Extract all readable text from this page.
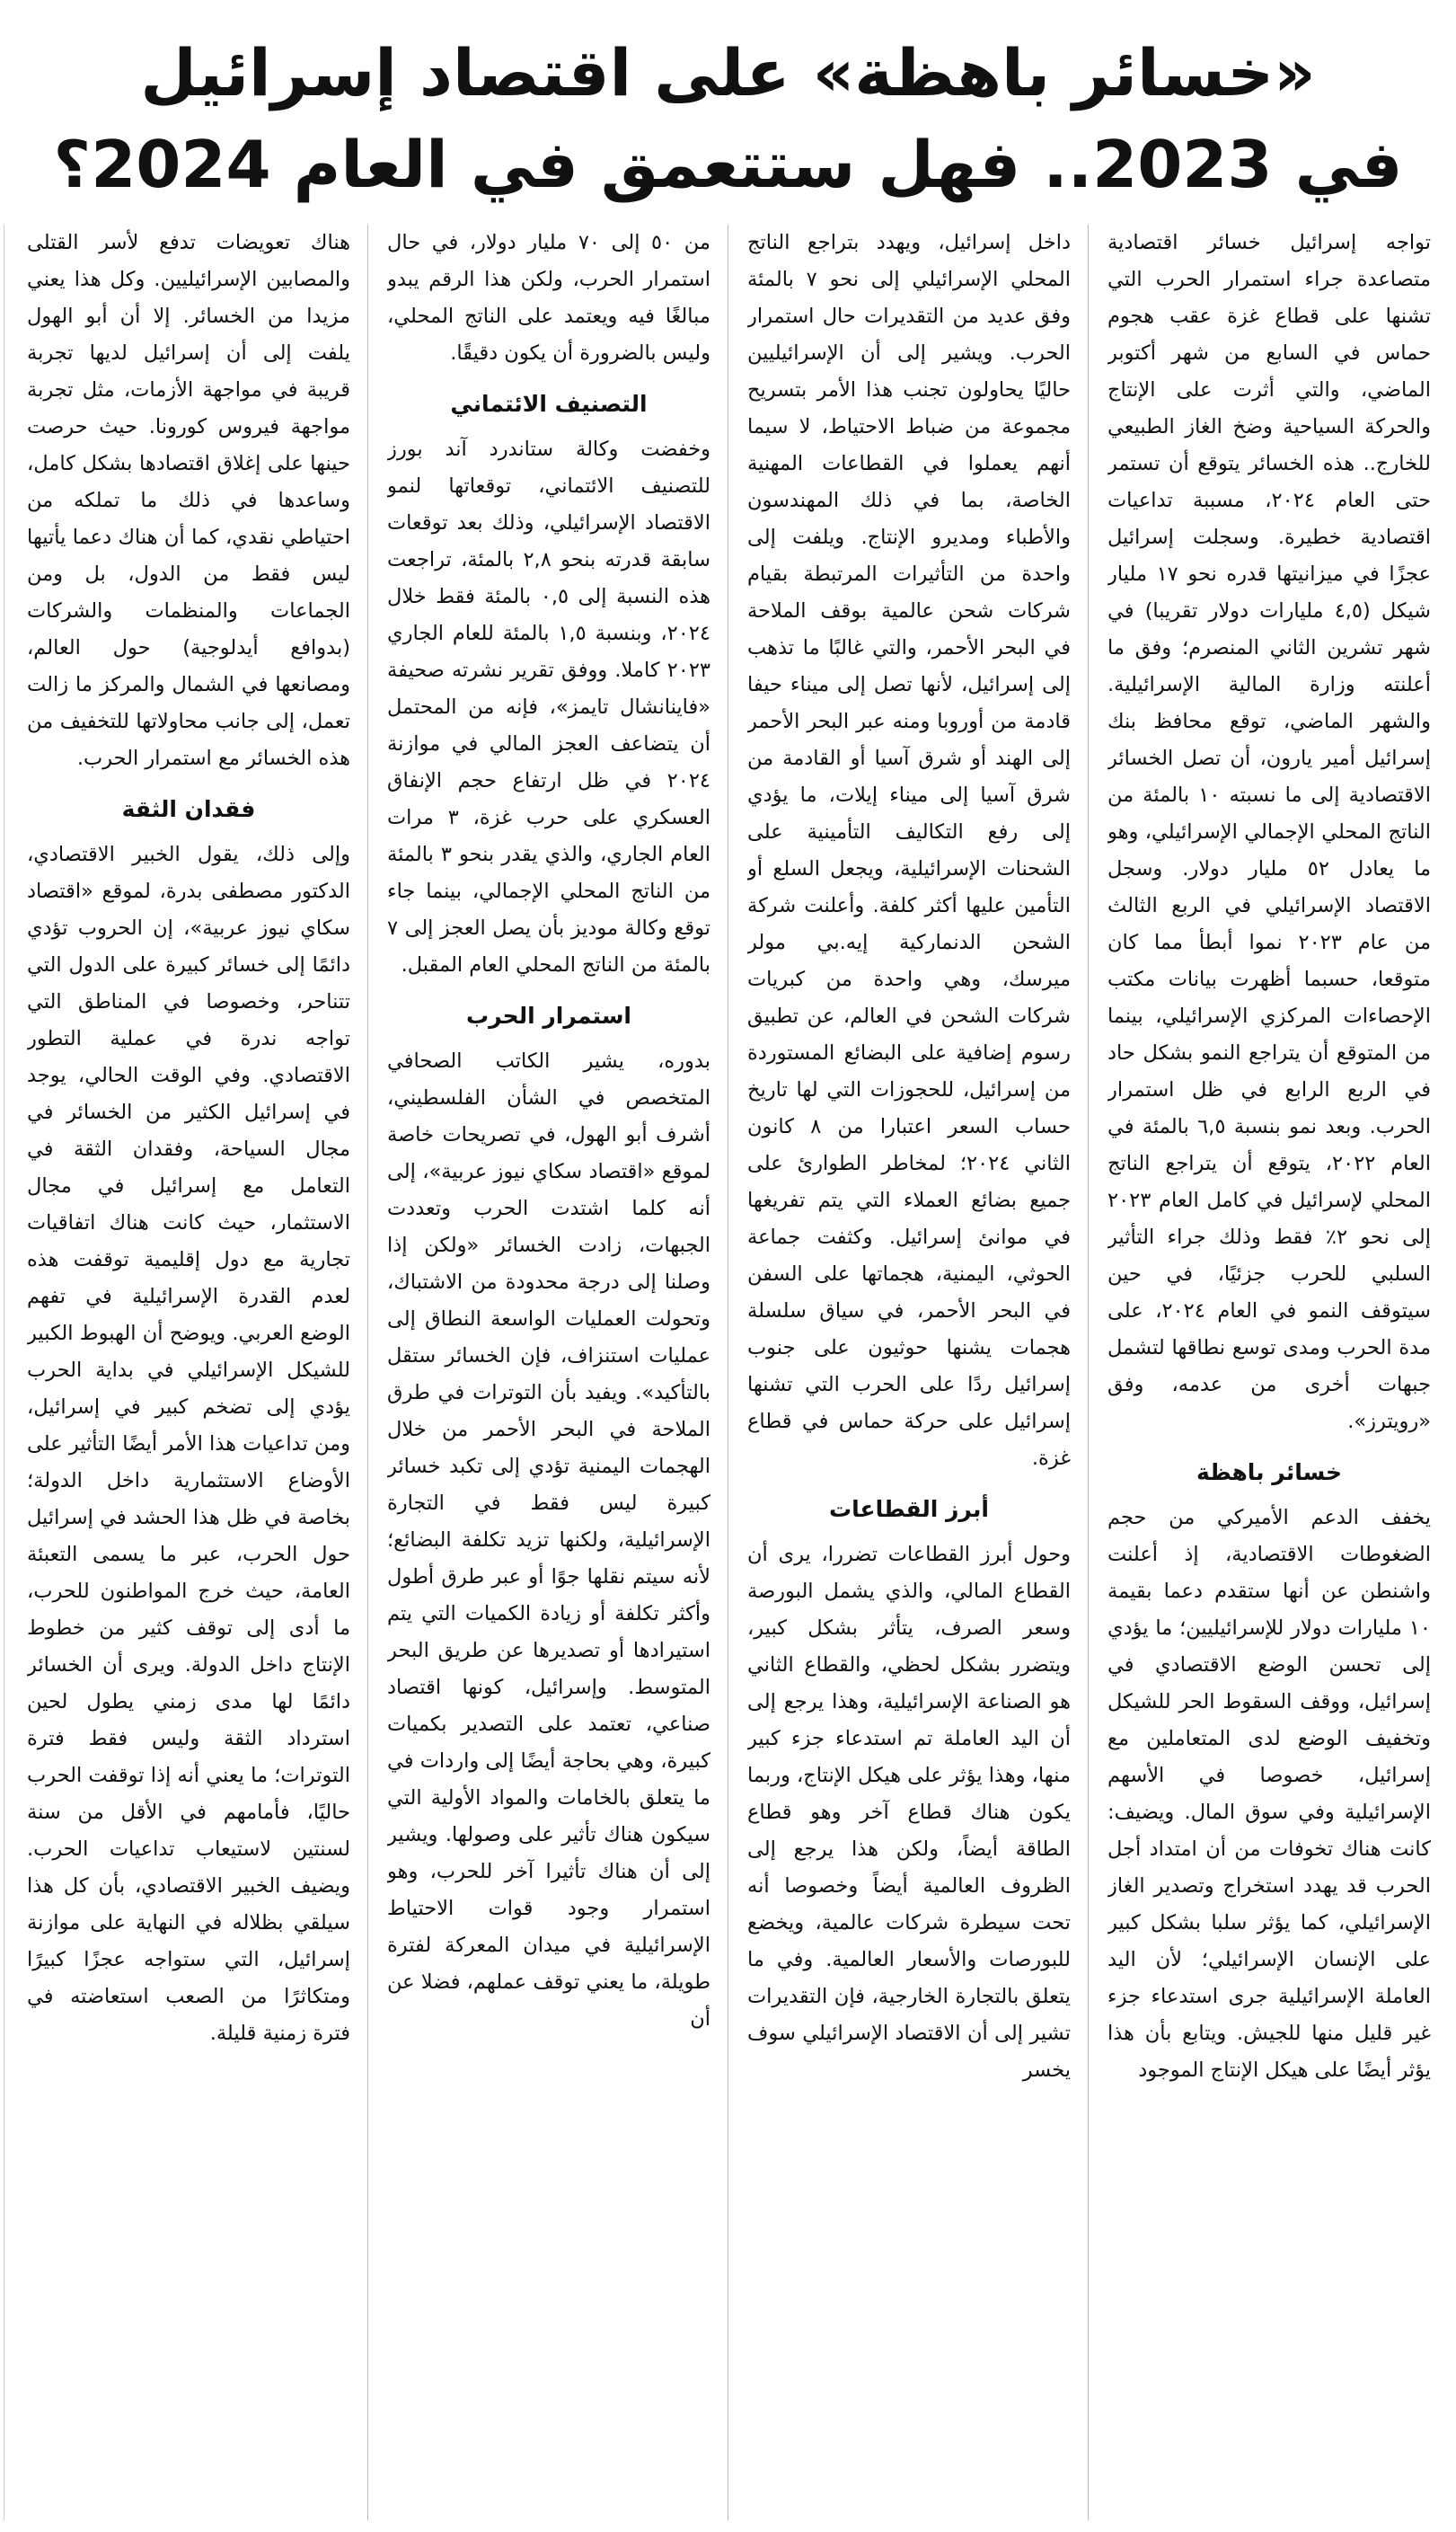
«خسائر باهظة» على اقتصاد إسرائيل
في 2023.. فهل ستتعمق في العام 2024؟

تواجه إسرائيل خسائر اقتصادية متصاعدة جراء استمرار الحرب التي تشنها على قطاع غزة عقب هجوم حماس في السابع من شهر أكتوبر الماضي، والتي أثرت على الإنتاج والحركة السياحية وضخ الغاز الطبيعي للخارج.. هذه الخسائر يتوقع أن تستمر حتى العام ٢٠٢٤، مسببة تداعيات اقتصادية خطيرة. وسجلت إسرائيل عجزًا في ميزانيتها قدره نحو ١٧ مليار شيكل (٤,٥ مليارات دولار تقريبا) في شهر تشرين الثاني المنصرم؛ وفق ما أعلنته وزارة المالية الإسرائيلية. والشهر الماضي، توقع محافظ بنك إسرائيل أمير يارون، أن تصل الخسائر الاقتصادية إلى ما نسبته ١٠ بالمئة من الناتج المحلي الإجمالي الإسرائيلي، وهو ما يعادل ٥٢ مليار دولار. وسجل الاقتصاد الإسرائيلي في الربع الثالث من عام ٢٠٢٣ نموا أبطأ مما كان متوقعا، حسبما أظهرت بيانات مكتب الإحصاءات المركزي الإسرائيلي، بينما من المتوقع أن يتراجع النمو بشكل حاد في الربع الرابع في ظل استمرار الحرب. وبعد نمو بنسبة ٦,٥ بالمئة في العام ٢٠٢٢، يتوقع أن يتراجع الناتج المحلي لإسرائيل في كامل العام ٢٠٢٣ إلى نحو ٢٪ فقط وذلك جراء التأثير السلبي للحرب جزئيًا، في حين سيتوقف النمو في العام ٢٠٢٤، على مدة الحرب ومدى توسع نطاقها لتشمل جبهات أخرى من عدمه، وفق «رويترز».

خسائر باهظة

يخفف الدعم الأميركي من حجم الضغوطات الاقتصادية، إذ أعلنت واشنطن عن أنها ستقدم دعما بقيمة ١٠ مليارات دولار للإسرائيليين؛ ما يؤدي إلى تحسن الوضع الاقتصادي في إسرائيل، ووقف السقوط الحر للشيكل وتخفيف الوضع لدى المتعاملين مع إسرائيل، خصوصا في الأسهم الإسرائيلية وفي سوق المال. ويضيف: كانت هناك تخوفات من أن امتداد أجل الحرب قد يهدد استخراج وتصدير الغاز الإسرائيلي، كما يؤثر سلبا بشكل كبير على الإنسان الإسرائيلي؛ لأن اليد العاملة الإسرائيلية جرى استدعاء جزء غير قليل منها للجيش. ويتابع بأن هذا يؤثر أيضًا على هيكل الإنتاج الموجود

داخل إسرائيل، ويهدد بتراجع الناتج المحلي الإسرائيلي إلى نحو ٧ بالمئة وفق عديد من التقديرات حال استمرار الحرب. ويشير إلى أن الإسرائيليين حاليًا يحاولون تجنب هذا الأمر بتسريح مجموعة من ضباط الاحتياط، لا سيما أنهم يعملوا في القطاعات المهنية الخاصة، بما في ذلك المهندسون والأطباء ومديرو الإنتاج. ويلفت إلى واحدة من التأثيرات المرتبطة بقيام شركات شحن عالمية بوقف الملاحة في البحر الأحمر، والتي غالبًا ما تذهب إلى إسرائيل، لأنها تصل إلى ميناء حيفا قادمة من أوروبا ومنه عبر البحر الأحمر إلى الهند أو شرق آسيا أو القادمة من شرق آسيا إلى ميناء إيلات، ما يؤدي إلى رفع التكاليف التأمينية على الشحنات الإسرائيلية، ويجعل السلع أو التأمين عليها أكثر كلفة. وأعلنت شركة الشحن الدنماركية إيه.بي مولر ميرسك، وهي واحدة من كبريات شركات الشحن في العالم، عن تطبيق رسوم إضافية على البضائع المستوردة من إسرائيل، للحجوزات التي لها تاريخ حساب السعر اعتبارا من ٨ كانون الثاني ٢٠٢٤؛ لمخاطر الطوارئ على جميع بضائع العملاء التي يتم تفريغها في موانئ إسرائيل. وكثفت جماعة الحوثي، اليمنية، هجماتها على السفن في البحر الأحمر، في سياق سلسلة هجمات يشنها حوثيون على جنوب إسرائيل ردًا على الحرب التي تشنها إسرائيل على حركة حماس في قطاع غزة.

أبرز القطاعات

وحول أبرز القطاعات تضررا، يرى أن القطاع المالي، والذي يشمل البورصة وسعر الصرف، يتأثر بشكل كبير، ويتضرر بشكل لحظي، والقطاع الثاني هو الصناعة الإسرائيلية، وهذا يرجع إلى أن اليد العاملة تم استدعاء جزء كبير منها، وهذا يؤثر على هيكل الإنتاج، وربما يكون هناك قطاع آخر وهو قطاع الطاقة أيضاً، ولكن هذا يرجع إلى الظروف العالمية أيضاً وخصوصا أنه تحت سيطرة شركات عالمية، ويخضع للبورصات والأسعار العالمية. وفي ما يتعلق بالتجارة الخارجية، فإن التقديرات تشير إلى أن الاقتصاد الإسرائيلي سوف يخسر

من ٥٠ إلى ٧٠ مليار دولار، في حال استمرار الحرب، ولكن هذا الرقم يبدو مبالغًا فيه ويعتمد على الناتج المحلي، وليس بالضرورة أن يكون دقيقًا.

التصنيف الائتماني

وخفضت وكالة ستاندرد آند بورز للتصنيف الائتماني، توقعاتها لنمو الاقتصاد الإسرائيلي، وذلك بعد توقعات سابقة قدرته بنحو ٢,٨ بالمئة، تراجعت هذه النسبة إلى ٠,٥ بالمئة فقط خلال ٢٠٢٤، وبنسبة ١,٥ بالمئة للعام الجاري ٢٠٢٣ كاملا. ووفق تقرير نشرته صحيفة «فاينانشال تايمز»، فإنه من المحتمل أن يتضاعف العجز المالي في موازنة ٢٠٢٤ في ظل ارتفاع حجم الإنفاق العسكري على حرب غزة، ٣ مرات العام الجاري، والذي يقدر بنحو ٣ بالمئة من الناتج المحلي الإجمالي، بينما جاء توقع وكالة موديز بأن يصل العجز إلى ٧ بالمئة من الناتج المحلي العام المقبل.

استمرار الحرب

بدوره، يشير الكاتب الصحافي المتخصص في الشأن الفلسطيني، أشرف أبو الهول، في تصريحات خاصة لموقع «اقتصاد سكاي نيوز عربية»، إلى أنه كلما اشتدت الحرب وتعددت الجبهات، زادت الخسائر «ولكن إذا وصلنا إلى درجة محدودة من الاشتباك، وتحولت العمليات الواسعة النطاق إلى عمليات استنزاف، فإن الخسائر ستقل بالتأكيد». ويفيد بأن التوترات في طرق الملاحة في البحر الأحمر من خلال الهجمات اليمنية تؤدي إلى تكبد خسائر كبيرة ليس فقط في التجارة الإسرائيلية، ولكنها تزيد تكلفة البضائع؛ لأنه سيتم نقلها جوًا أو عبر طرق أطول وأكثر تكلفة أو زيادة الكميات التي يتم استيرادها أو تصديرها عن طريق البحر المتوسط. وإسرائيل، كونها اقتصاد صناعي، تعتمد على التصدير بكميات كبيرة، وهي بحاجة أيضًا إلى واردات في ما يتعلق بالخامات والمواد الأولية التي سيكون هناك تأثير على وصولها. ويشير إلى أن هناك تأثيرا آخر للحرب، وهو استمرار وجود قوات الاحتياط الإسرائيلية في ميدان المعركة لفترة طويلة، ما يعني توقف عملهم، فضلا عن أن

هناك تعويضات تدفع لأسر القتلى والمصابين الإسرائيليين. وكل هذا يعني مزيدا من الخسائر. إلا أن أبو الهول يلفت إلى أن إسرائيل لديها تجربة قريبة في مواجهة الأزمات، مثل تجربة مواجهة فيروس كورونا. حيث حرصت حينها على إغلاق اقتصادها بشكل كامل، وساعدها في ذلك ما تملكه من احتياطي نقدي، كما أن هناك دعما يأتيها ليس فقط من الدول، بل ومن الجماعات والمنظمات والشركات (بدوافع أيدلوجية) حول العالم، ومصانعها في الشمال والمركز ما زالت تعمل، إلى جانب محاولاتها للتخفيف من هذه الخسائر مع استمرار الحرب.

فقدان الثقة

وإلى ذلك، يقول الخبير الاقتصادي، الدكتور مصطفى بدرة، لموقع «اقتصاد سكاي نيوز عربية»، إن الحروب تؤدي دائمًا إلى خسائر كبيرة على الدول التي تتناحر، وخصوصا في المناطق التي تواجه ندرة في عملية التطور الاقتصادي. وفي الوقت الحالي، يوجد في إسرائيل الكثير من الخسائر في مجال السياحة، وفقدان الثقة في التعامل مع إسرائيل في مجال الاستثمار، حيث كانت هناك اتفاقيات تجارية مع دول إقليمية توقفت هذه لعدم القدرة الإسرائيلية في تفهم الوضع العربي. ويوضح أن الهبوط الكبير للشيكل الإسرائيلي في بداية الحرب يؤدي إلى تضخم كبير في إسرائيل، ومن تداعيات هذا الأمر أيضًا التأثير على الأوضاع الاستثمارية داخل الدولة؛ بخاصة في ظل هذا الحشد في إسرائيل حول الحرب، عبر ما يسمى التعبئة العامة، حيث خرج المواطنون للحرب، ما أدى إلى توقف كثير من خطوط الإنتاج داخل الدولة. ويرى أن الخسائر دائمًا لها مدى زمني يطول لحين استرداد الثقة وليس فقط فترة التوترات؛ ما يعني أنه إذا توقفت الحرب حاليًا، فأمامهم في الأقل من سنة لسنتين لاستيعاب تداعيات الحرب. ويضيف الخبير الاقتصادي، بأن كل هذا سيلقي بظلاله في النهاية على موازنة إسرائيل، التي ستواجه عجزًا كبيرًا ومتكاثرًا من الصعب استعاضته في فترة زمنية قليلة.
